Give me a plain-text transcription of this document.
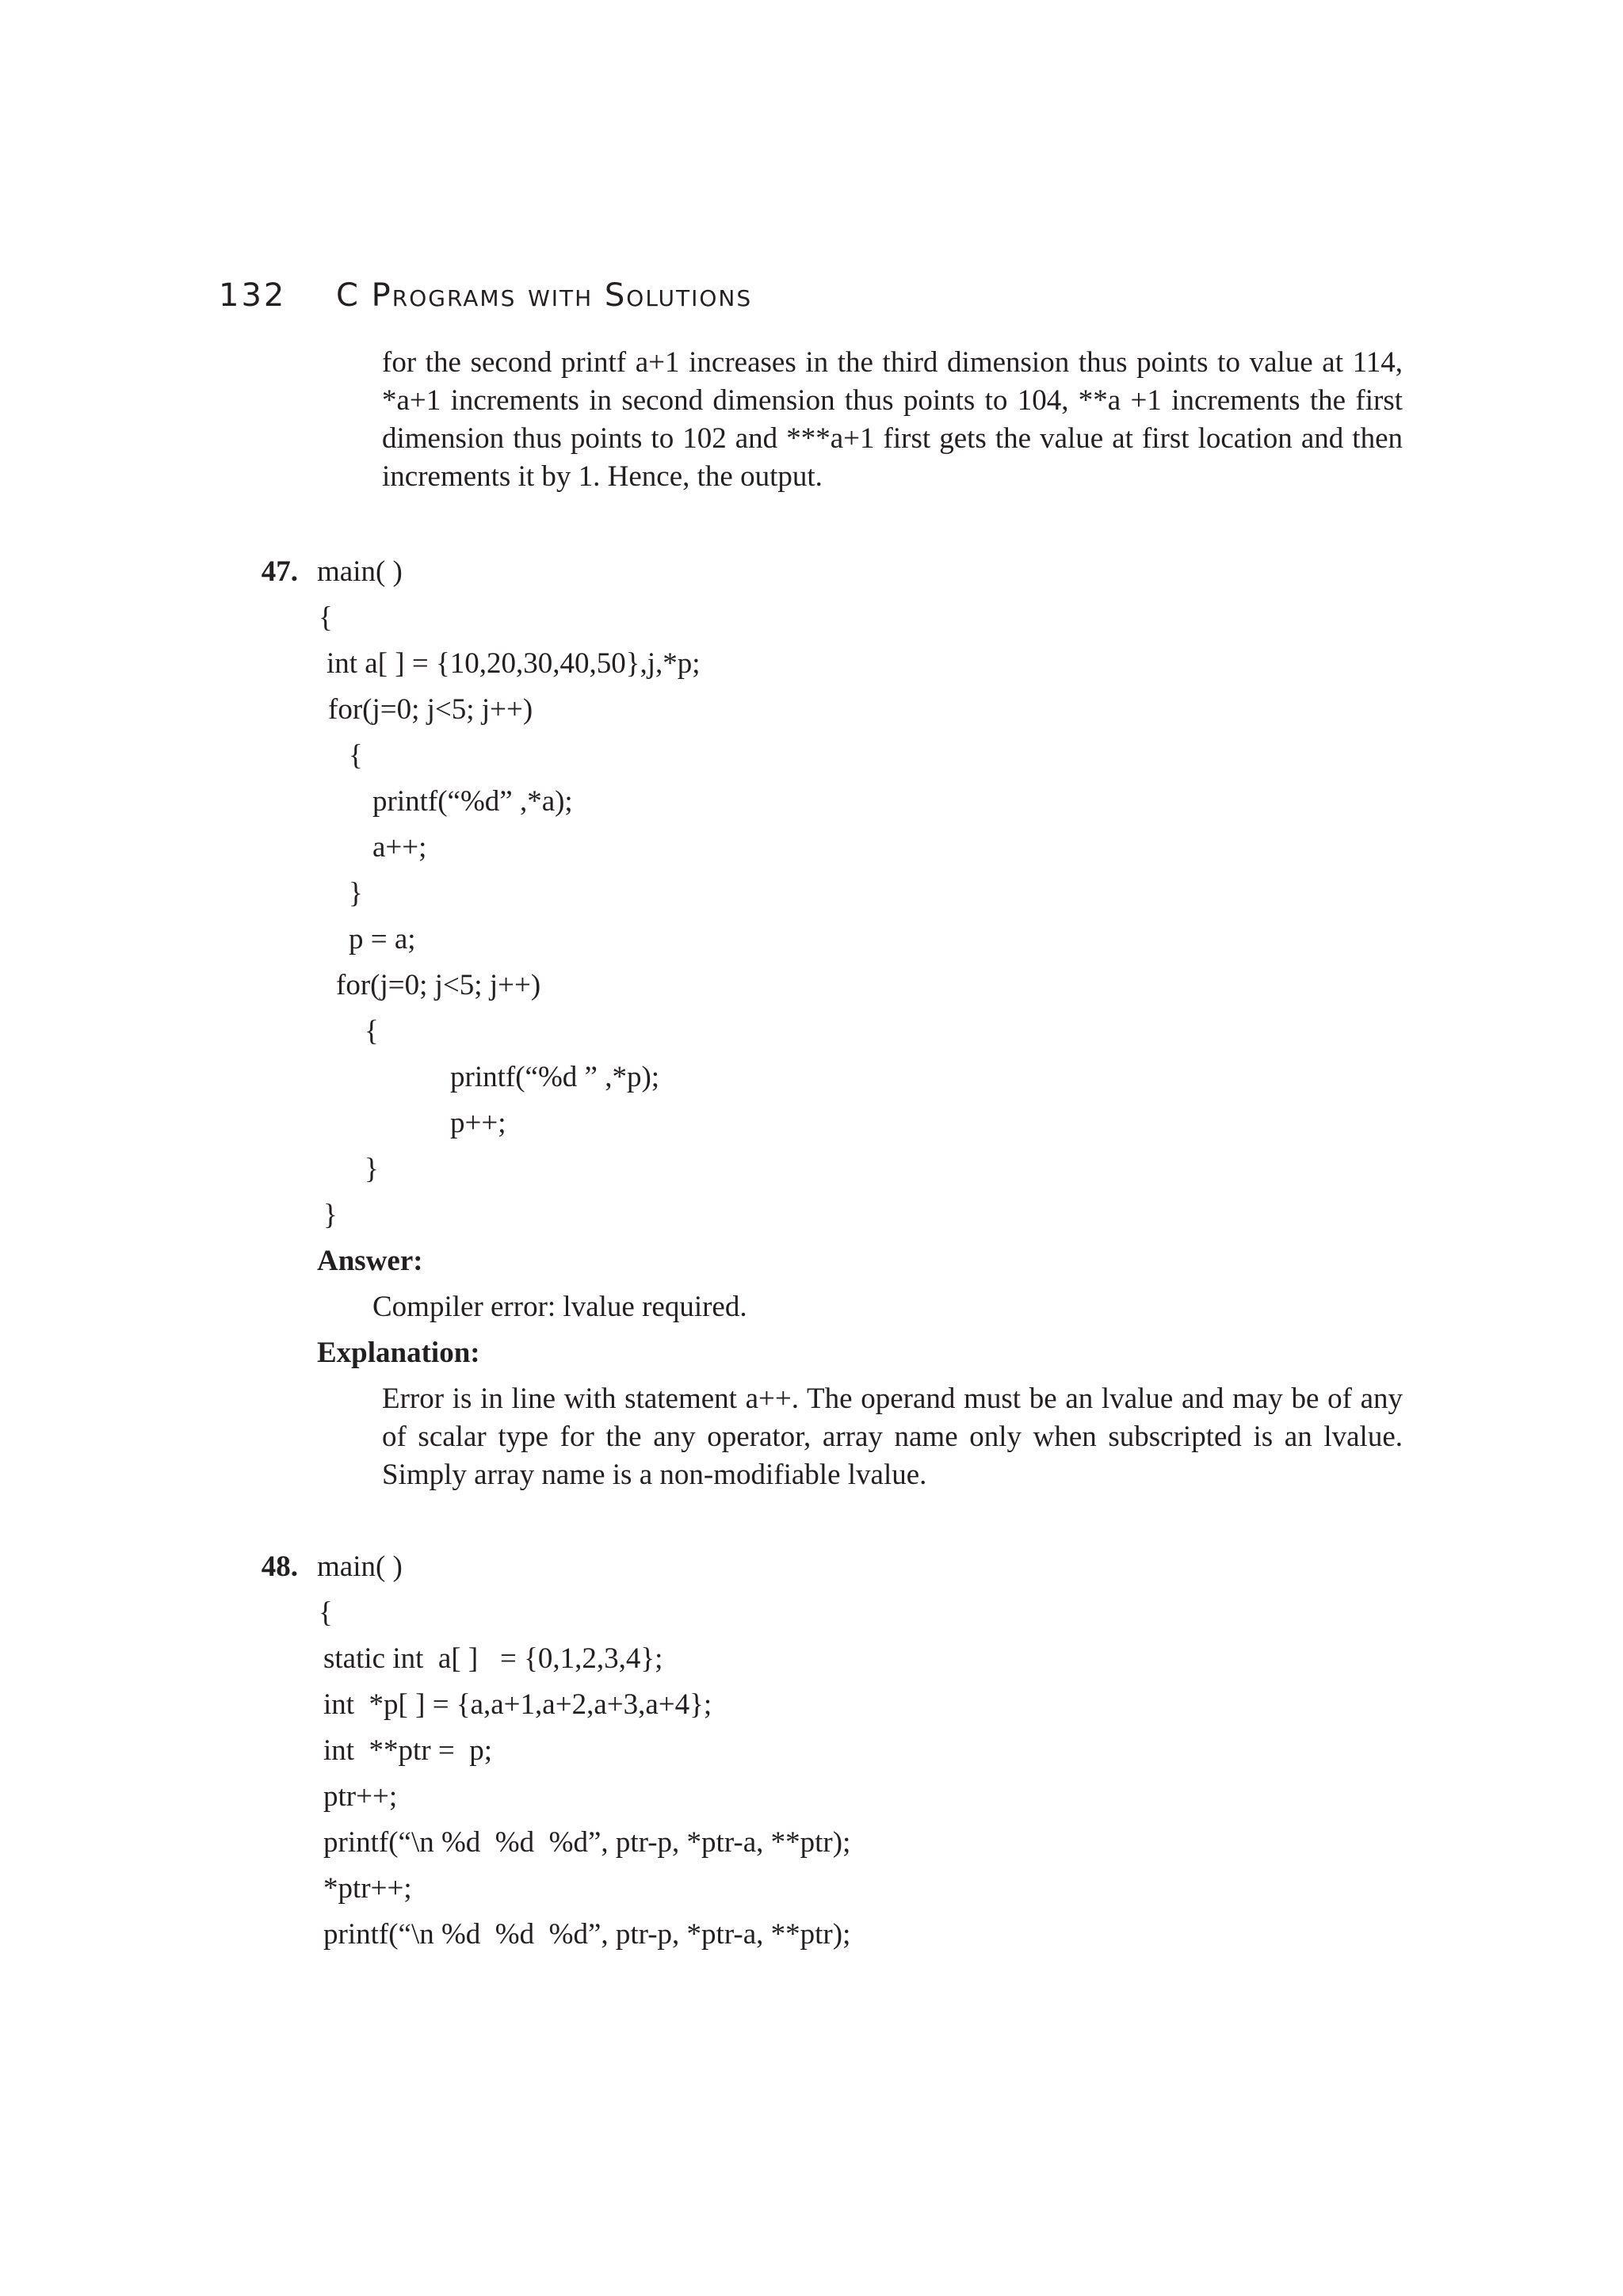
132 C Programs with Solutions

for the second printf a+1 increases in the third dimension thus points to value at 114, *a+1 increments in second dimension thus points to 104, **a +1 increments the first dimension thus points to 102 and ***a+1 first gets the value at first location and then increments it by 1. Hence, the output.

47. main( )
{
int a[ ] = {10,20,30,40,50},j,*p;
for(j=0; j<5; j++)
{
printf(“%d” ,*a);
a++;
}
p = a;
for(j=0; j<5; j++)
{
printf(“%d ” ,*p);
p++;
}
}
Answer:
Compiler error: lvalue required.
Explanation:

Error is in line with statement a++. The operand must be an lvalue and may be of any of scalar type for the any operator, array name only when subscripted is an lvalue. Simply array name is a non-modifiable lvalue.

48. main( )
{
static int  a[ ]   = {0,1,2,3,4};
int  *p[ ] = {a,a+1,a+2,a+3,a+4};
int  **ptr =  p;
ptr++;
printf(“\n %d  %d  %d”, ptr-p, *ptr-a, **ptr);
*ptr++;
printf(“\n %d  %d  %d”, ptr-p, *ptr-a, **ptr);
